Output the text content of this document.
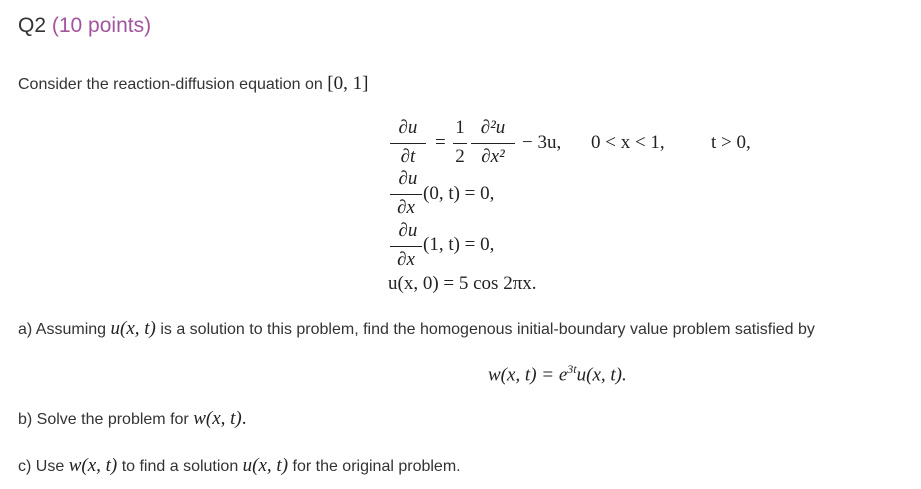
Q2 (10 points)
Consider the reaction-diffusion equation on [0, 1]
∂u
∂t
=
1
2
∂²u
∂x²
− 3u, 0 < x < 1, t > 0,
∂u
∂x
(0, t) = 0,
∂u
∂x
(1, t) = 0,
u(x, 0) = 5 cos 2πx.
a) Assuming u(x, t) is a solution to this problem, find the homogenous initial-boundary value problem satisfied by
w(x, $t) = e^{3t}u(x$, t).
b) Solve the problem for w(x, t).
c) Use w(x, t) to find a solution u(x, t) for the original problem.
